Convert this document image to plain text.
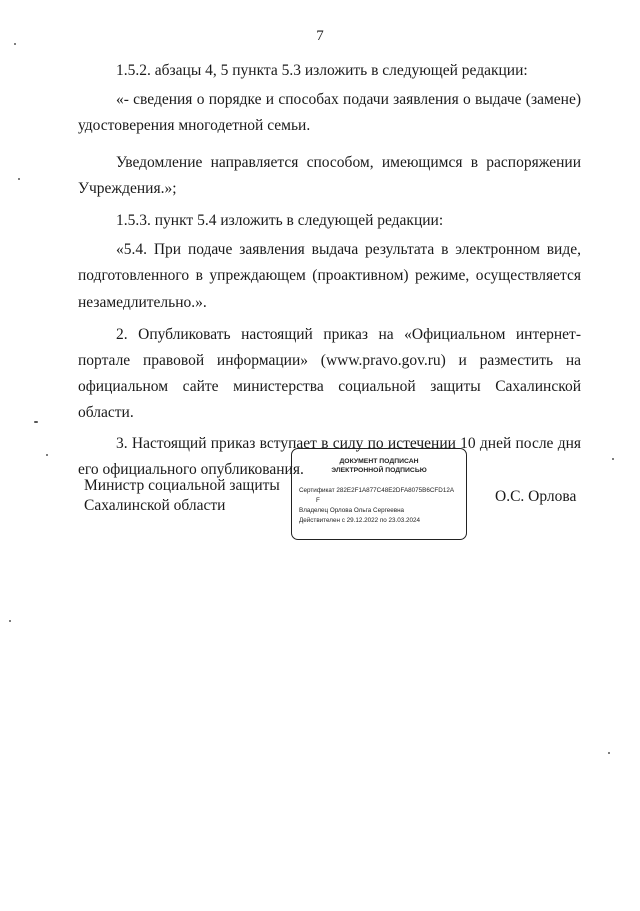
7

1.5.2. абзацы 4, 5 пункта 5.3 изложить в следующей редакции:

«- сведения о порядке и способах подачи заявления о выдаче (замене) удостоверения многодетной семьи.

Уведомление направляется способом, имеющимся в распоряжении Учреждения.»;

1.5.3. пункт 5.4 изложить в следующей редакции:

«5.4. При подаче заявления выдача результата в электронном виде, подготовленного в упреждающем (проактивном) режиме, осуществляется незамедлительно.».

2. Опубликовать настоящий приказ на «Официальном интернет-портале правовой информации» (www.pravo.gov.ru) и разместить на официальном сайте министерства социальной защиты Сахалинской области.

3. Настоящий приказ вступает в силу по истечении 10 дней после дня его официального опубликования.

Министр социальной защиты
Сахалинской области
ДОКУМЕНТ ПОДПИСАН
ЭЛЕКТРОННОЙ ПОДПИСЬЮ
Сертификат 282E2F1A877C48E2DFA8075B6CFD12A
F
Владелец Орлова Ольга Сергеевна
Действителен с 29.12.2022 по 23.03.2024
О.С. Орлова
